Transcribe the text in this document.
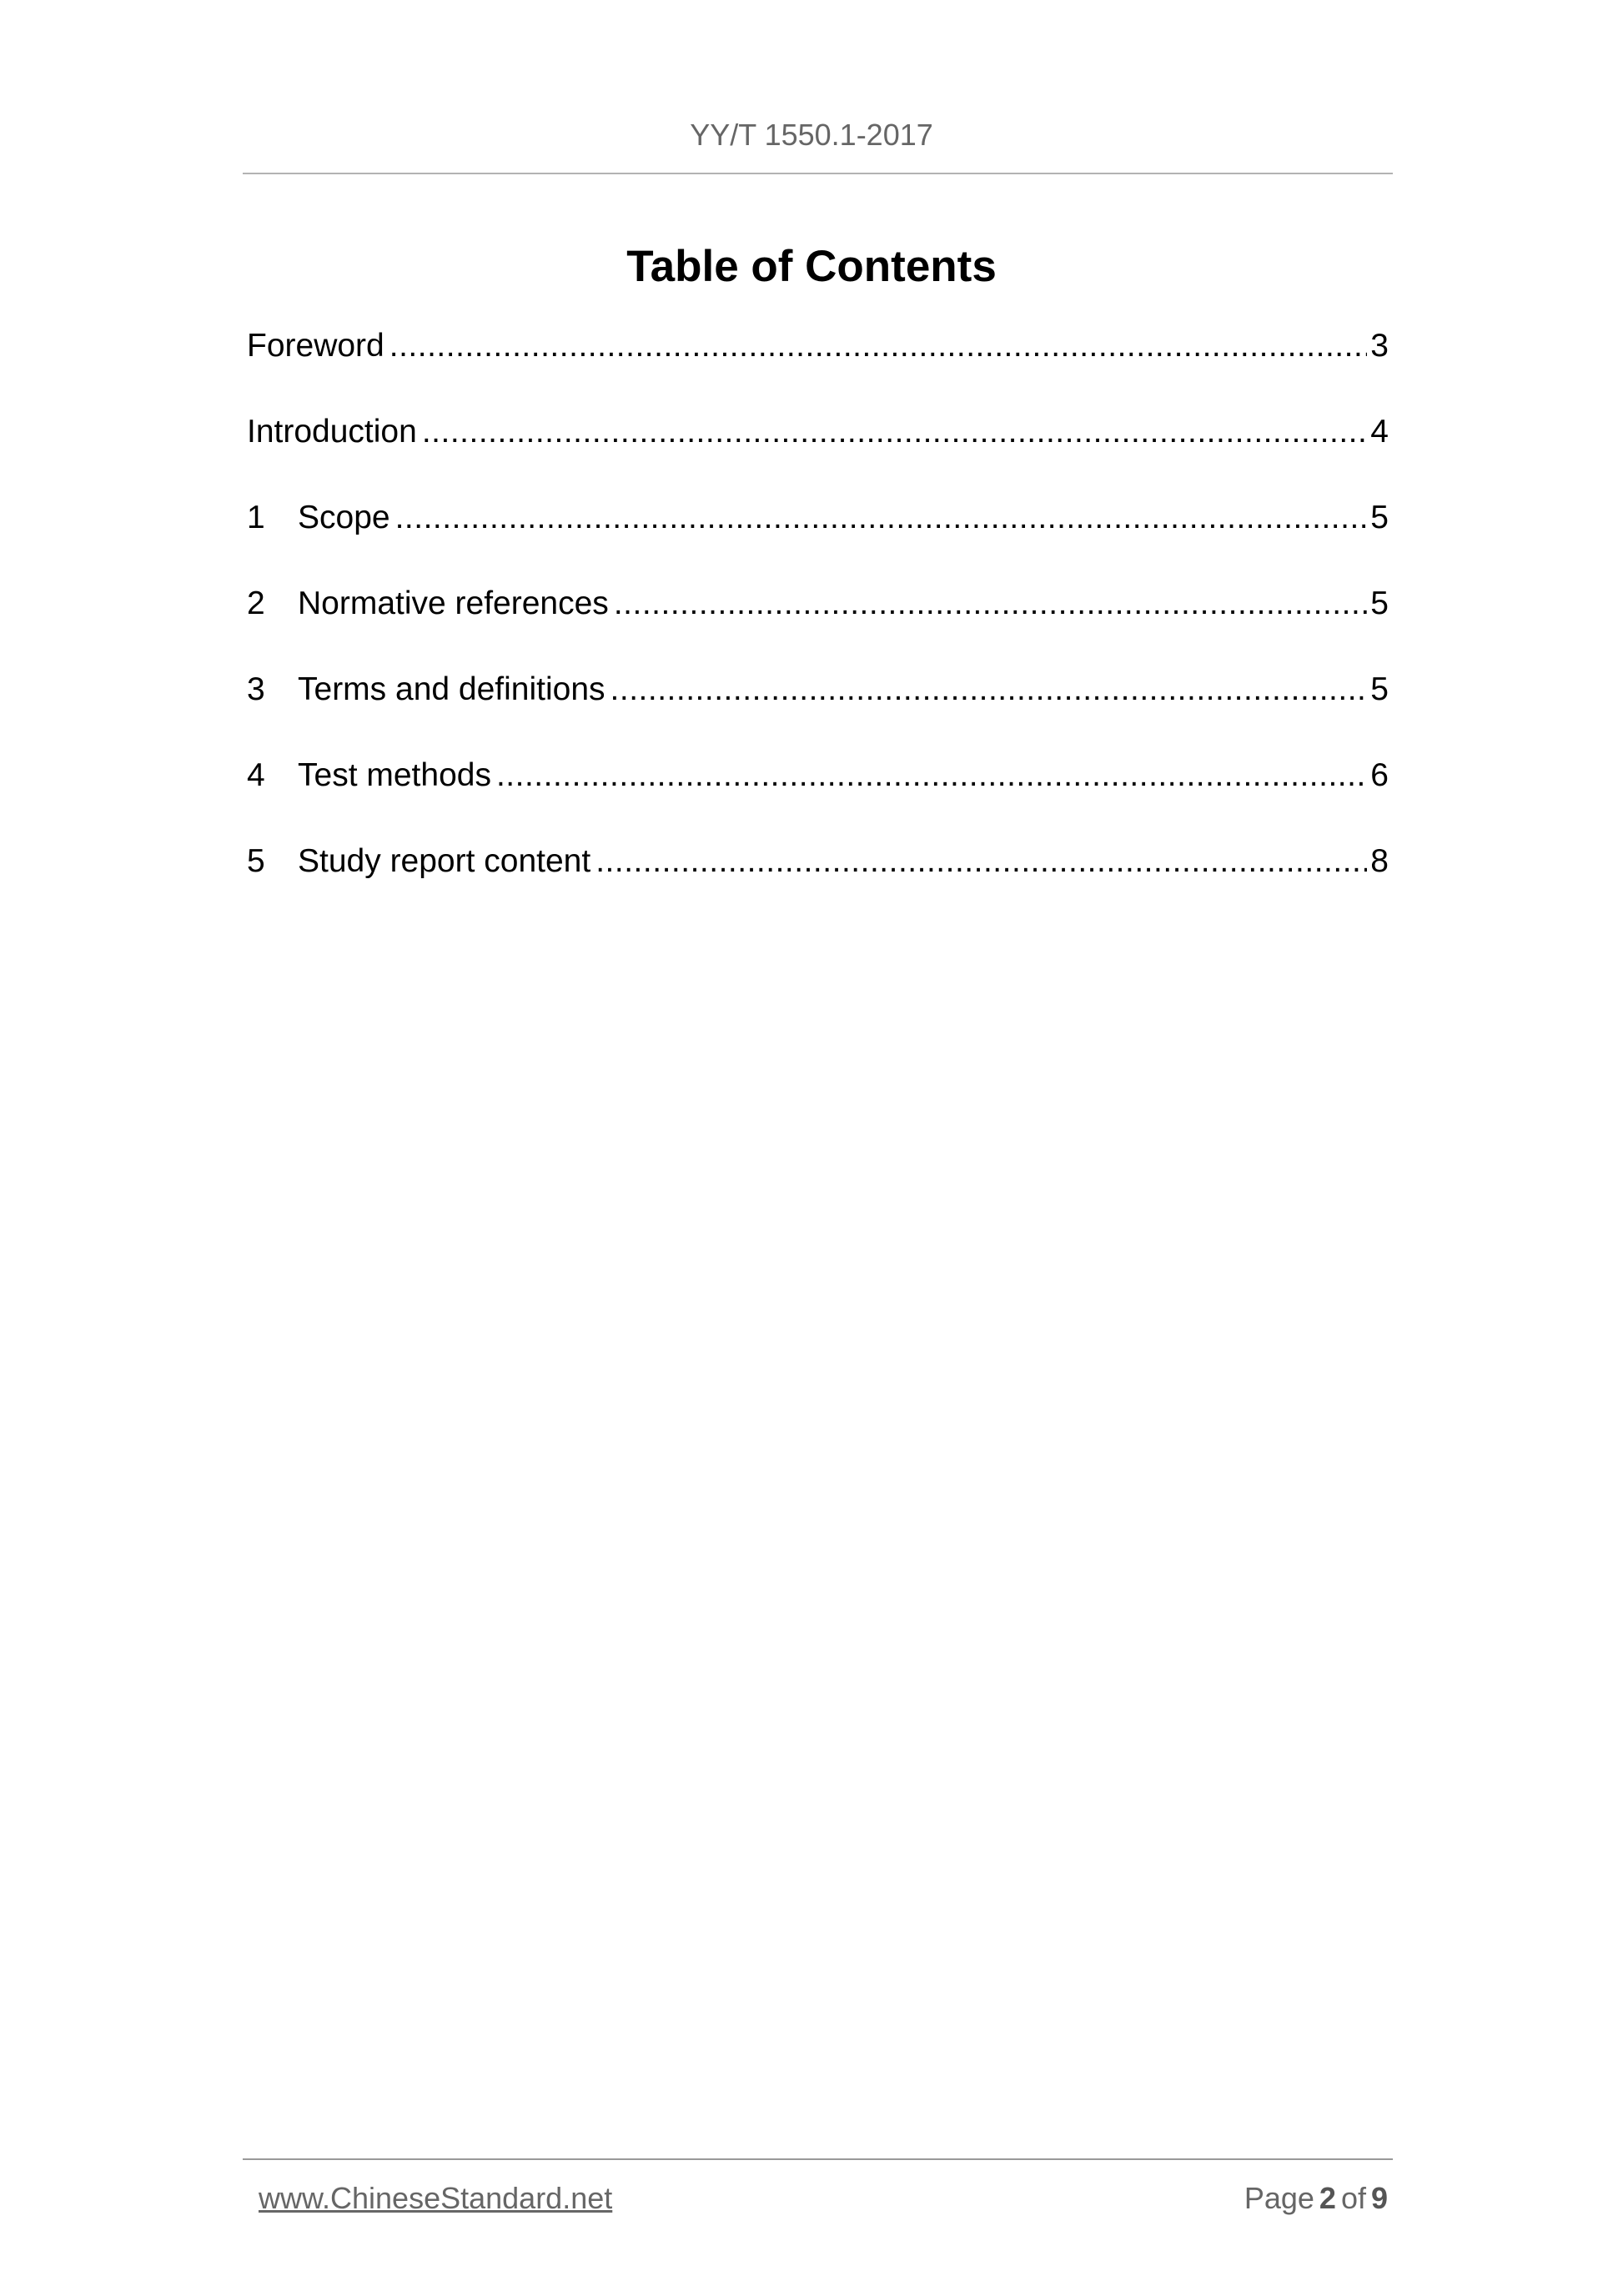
YY/T 1550.1-2017
Table of Contents
Foreword .....	3
Introduction .....	4
1	Scope .....	5
2	Normative references .....	5
3	Terms and definitions .....	5
4	Test methods .....	6
5	Study report content .....	8
www.ChineseStandard.net	Page 2 of 9
